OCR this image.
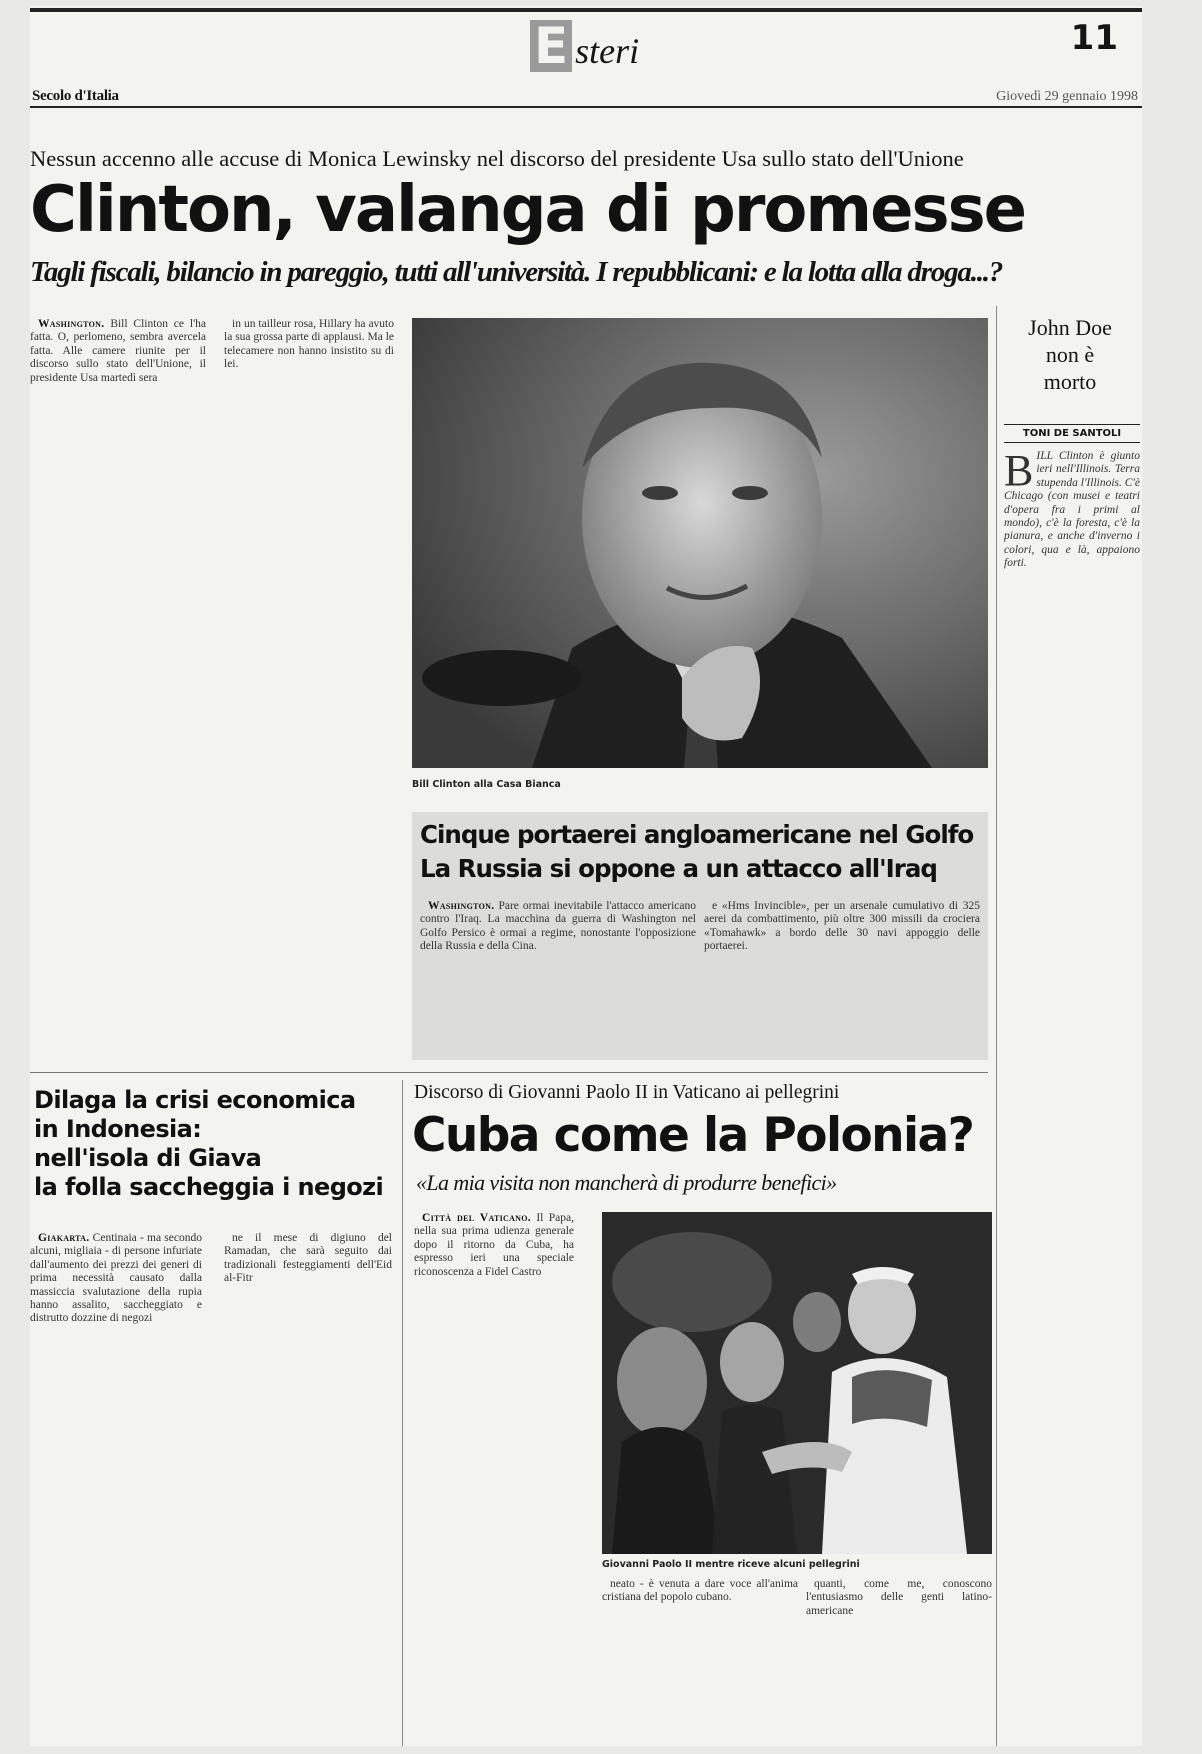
E steri	11
Secolo d'Italia	Giovedì 29 gennaio 1998
Nessun accenno alle accuse di Monica Lewinsky nel discorso del presidente Usa sullo stato dell'Unione
Clinton, valanga di promesse
Tagli fiscali, bilancio in pareggio, tutti all'università. I repubblicani: e la lotta alla droga...?

Washington. Bill Clinton ce l'ha fatta. O, perlomeno, sembra avercela fatta. Alle camere riunite per il discorso sullo stato dell'Unione, il presidente Usa martedì sera

in un tailleur rosa, Hillary ha avuto la sua grossa parte di applausi. Ma le telecamere non hanno insistito su di lei.

Bill Clinton alla Casa Bianca
John Doe
non è
morto
TONI DE SANTOLI

BILL Clinton è giunto ieri nell'Illinois. Terra stupenda l'Illinois. C'è Chicago (con musei e teatri d'opera fra i primi al mondo), c'è la foresta, c'è la pianura, e anche d'inverno i colori, qua e là, appaiono forti.

Cinque portaerei angloamericane nel Golfo
La Russia si oppone a un attacco all'Iraq

Washington. Pare ormai inevitabile l'attacco americano contro l'Iraq. La macchina da guerra di Washington nel Golfo Persico è ormai a regime, nonostante l'opposizione della Russia e della Cina.

e «Hms Invincible», per un arsenale cumulativo di 325 aerei da combattimento, più oltre 300 missili da crociera «Tomahawk» a bordo delle 30 navi appoggio delle portaerei.

Dilaga la crisi economica
in Indonesia:
nell'isola di Giava
la folla saccheggia i negozi

Giakarta. Centinaia - ma secondo alcuni, migliaia - di persone infuriate dall'aumento dei prezzi dei generi di prima necessità causato dalla massiccia svalutazione della rupia hanno assalito, saccheggiato e distrutto dozzine di negozi

ne il mese di digiuno del Ramadan, che sarà seguito dai tradizionali festeggiamenti dell'Eid al-Fitr

Discorso di Giovanni Paolo II in Vaticano ai pellegrini
Cuba come la Polonia?
«La mia visita non mancherà di produrre benefici»

Città del Vaticano. Il Papa, nella sua prima udienza generale dopo il ritorno da Cuba, ha espresso ieri una speciale riconoscenza a Fidel Castro

Giovanni Paolo II mentre riceve alcuni pellegrini

neato - è venuta a dare voce all'anima cristiana del popolo cubano.

quanti, come me, conoscono l'entusiasmo delle genti latino-americane
